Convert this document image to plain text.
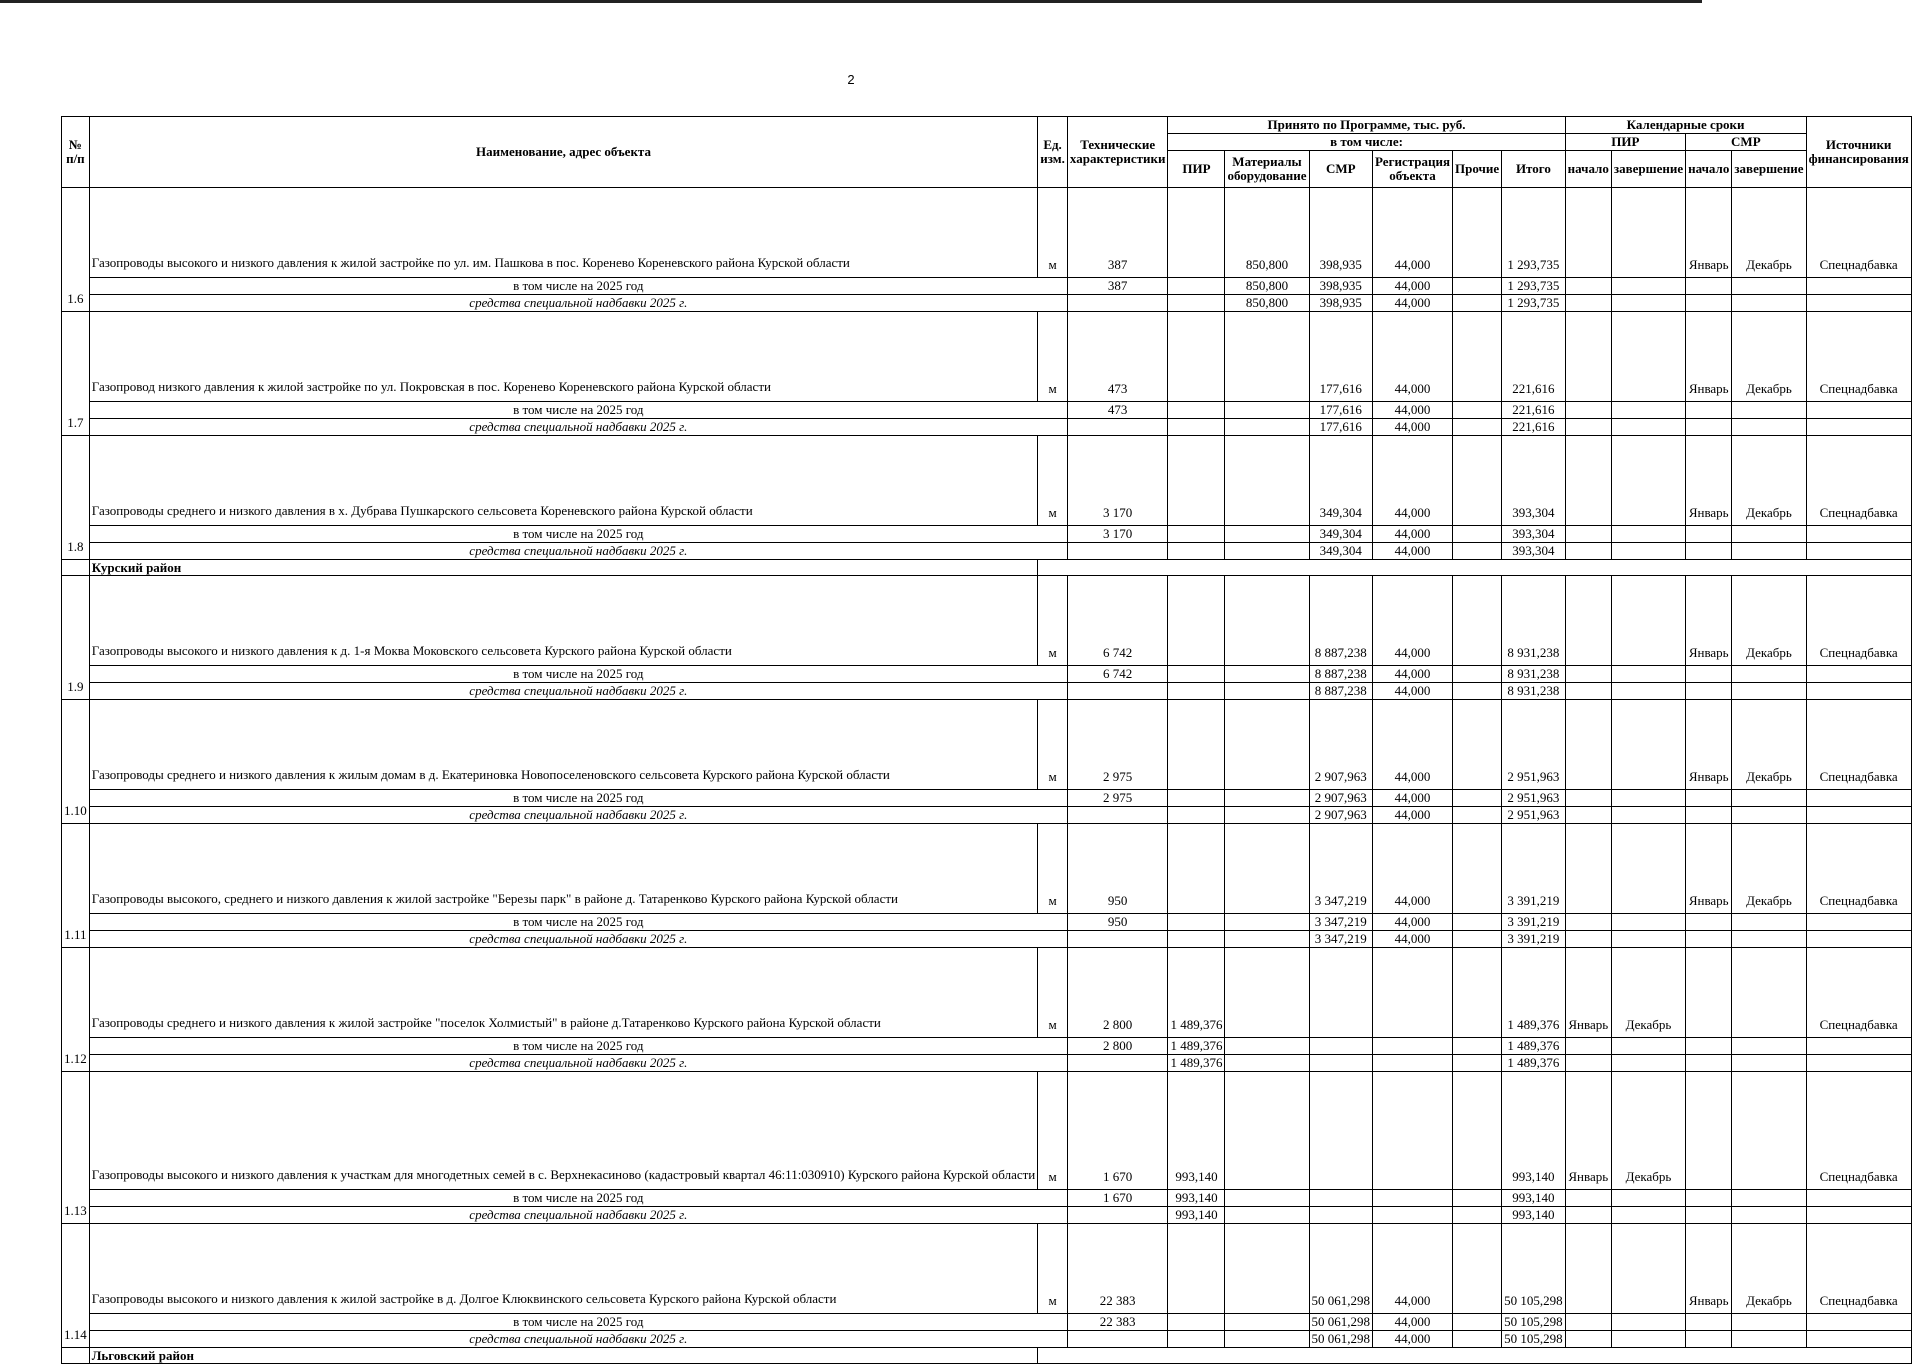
2
№ п/п	Наименование, адрес объекта	Ед. изм.	Технические характеристики	Принято по Программе, тыс. руб.						Календарные сроки				Источники финансирования
				в том числе:						ПИР		СМР		
				ПИР	Материалы оборудование	СМР	Регистрация объекта	Прочие	Итого	начало	завершение	начало	завершение	
1.6	Газопроводы высокого и низкого давления к жилой застройке по ул. им. Пашкова в пос. Кореневo Кореневского района Курской области	м	387		850,800	398,935	44,000		1 293,735			Январь	Декабрь	Спецнадбавка
	в том числе на 2025 год		387		850,800	398,935	44,000		1 293,735					
	средства специальной надбавки 2025 г.				850,800	398,935	44,000		1 293,735					
1.7	Газопровод низкого давления к жилой застройке по ул. Покровская в пос. Коренево Кореневского района Курской области	м	473			177,616	44,000		221,616			Январь	Декабрь	Спецнадбавка
	в том числе на 2025 год		473			177,616	44,000		221,616					
	средства специальной надбавки 2025 г.					177,616	44,000		221,616					
1.8	Газопроводы среднего и низкого давления в х. Дубрава Пушкарского сельсовета Кореневского района Курской области	м	3 170			349,304	44,000		393,304			Январь	Декабрь	Спецнадбавка
	в том числе на 2025 год		3 170			349,304	44,000		393,304					
	средства специальной надбавки 2025 г.					349,304	44,000		393,304					
	Курский район													
1.9	Газопроводы высокого и низкого давления к д. 1-я Моква Моковского сельсовета Курского района Курской области	м	6 742			8 887,238	44,000		8 931,238			Январь	Декабрь	Спецнадбавка
	в том числе на 2025 год		6 742			8 887,238	44,000		8 931,238					
	средства специальной надбавки 2025 г.					8 887,238	44,000		8 931,238					
1.10	Газопроводы среднего и низкого давления к жилым домам в д. Екатериновка Новопоселеновского сельсовета Курского района Курской области	м	2 975			2 907,963	44,000		2 951,963			Январь	Декабрь	Спецнадбавка
	в том числе на 2025 год		2 975			2 907,963	44,000		2 951,963					
	средства специальной надбавки 2025 г.					2 907,963	44,000		2 951,963					
1.11	Газопроводы высокого, среднего и низкого давления к жилой застройке "Березы парк" в районе д. Татаренково Курского района Курской области	м	950			3 347,219	44,000		3 391,219			Январь	Декабрь	Спецнадбавка
	в том числе на 2025 год		950			3 347,219	44,000		3 391,219					
	средства специальной надбавки 2025 г.					3 347,219	44,000		3 391,219					
1.12	Газопроводы среднего и низкого давления к жилой застройке "поселок Холмистый" в районе д.Татаренково Курского района Курской области	м	2 800	1 489,376					1 489,376	Январь	Декабрь			Спецнадбавка
	в том числе на 2025 год		2 800	1 489,376					1 489,376					
	средства специальной надбавки 2025 г.			1 489,376					1 489,376					
1.13	Газопроводы высокого и низкого давления к участкам для многодетных семей в с. Верхнекасиново (кадастровый квартал 46:11:030910) Курского района Курской области	м	1 670	993,140					993,140	Январь	Декабрь			Спецнадбавка
	в том числе на 2025 год		1 670	993,140					993,140					
	средства специальной надбавки 2025 г.			993,140					993,140					
1.14	Газопроводы высокого и низкого давления к жилой застройке в д. Долгое Клюквинского сельсовета Курского района Курской области	м	22 383			50 061,298	44,000		50 105,298			Январь	Декабрь	Спецнадбавка
	в том числе на 2025 год		22 383			50 061,298	44,000		50 105,298					
	средства специальной надбавки 2025 г.					50 061,298	44,000		50 105,298					
	Льговский район													
